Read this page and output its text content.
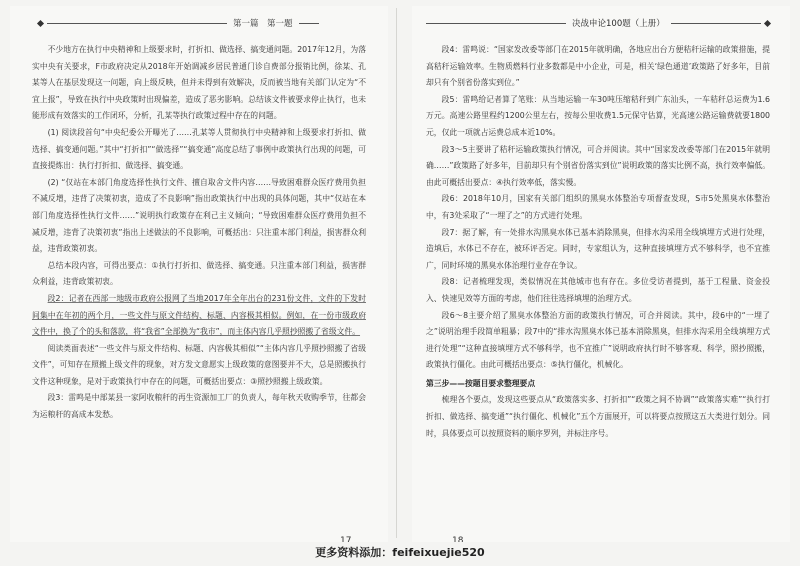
第一篇　第一题

不少地方在执行中央精神和上级要求时，打折扣、做选择、搞变通问题。2017年12月，为落实中央有关要求，F市政府决定从2018年开始调减乡居民普通门诊自费部分报销比例，徐某、孔某等人在基层发现这一问题，向上级反映，但并未得到有效解决，反而被当地有关部门认定为“不宜上报”，导致在执行中央政策时出现偏差，造成了恶劣影响。总结该文件被要求停止执行，也未能形成有效落实的工作闭环，分析，孔某等执行政策过程中存在的问题。

(1) 阅读段首句“中央纪委公开曝光了……孔某等人贯彻执行中央精神和上级要求打折扣、做选择、搞变通问题。”其中“打折扣”“做选择”“搞变通”高度总结了事例中政策执行出现的问题，可直接提炼出：执行打折扣、做选择、搞变通。

(2) “仅站在本部门角度选择性执行文件、擅自取舍文件内容……导致困难群众医疗费用负担不减反增，违背了决策初衷，造成了不良影响”指出政策执行中出现的具体问题，其中“仅站在本部门角度选择性执行文件……”说明执行政策存在利己主义倾向；“导致困难群众医疗费用负担不减反增，违背了决策初衷”指出上述做法的不良影响，可概括出：只注重本部门利益，损害群众利益，违背政策初衷。

总结本段内容，可得出要点：①执行打折扣、做选择、搞变通。只注重本部门利益，损害群众利益，违背政策初衷。

段2：记者在西部一地级市政府公报网了当地2017年全年出台的231份文件，文件的下发时间集中在年初的两个月，一些文件与原文件结构、标题、内容极其相似。例如，在一份市级政府文件中，换了个的头和落款，将“我省”全部换为“我市”，而主体内容几乎照抄照搬了省级文件。

阅读类面表述“一些文件与原文件结构、标题、内容极其相似”“主体内容几乎照抄照搬了省级文件”，可知存在照搬上级文件的现象，对方发文意愿实上级政策的意图要并不大，总是照搬执行文件这种现象，是对于政策执行中存在的问题，可概括出要点：③照抄照搬上级政策。

段3：雷鸣是中部某县一家阿收粮秆的再生资源加工厂的负责人，每年秋天收购季节，往都会为运粮秆的高成本发愁。

17
决战申论100题（上册）

段4：雷鸣说：“国家发改委等部门在2015年就明确，各地应出台方便秸秆运输的政策措施，提高秸秆运输效率。生物质燃料行业多数都是中小企业，可是，相关‘绿色通道’政策路了好多年，目前却只有个别省份落实到位。”

段5：雷鸣给记者算了笔账：从当地运输一车30吨压缩秸秆到广东汕头，一车秸秆总运费为1.6万元。高速公路里程约1200公里左右，按每公里收费1.5元保守估算，光高速公路运输费就要1800元，仅此一项就占运费总成本近10%。

段3～5主要讲了秸秆运输政策执行情况，可合并阅读。其中“国家发改委等部门在2015年就明确……”政策路了好多年，目前却只有个别省份落实到位”说明政策的落实比例不高，执行效率偏低。由此可概括出要点：④执行效率低，落实慢。

段6：2018年10月，国家有关部门组织的黑臭水体整治专项督查发现，S市5处黑臭水体整治中，有3处采取了“一埋了之”的方式进行处理。

段7：据了解，有一处排水沟黑臭水体已基本消除黑臭，但排水沟采用全线填埋方式进行处理，造填后，水体已不存在，被环评否定。同时，专家组认为，这种直接填埋方式不够科学，也不宜推广，同时环境的黑臭水体治理行业存在争议。

段8：记者梳理发现，类似情况在其他城市也有存在。多位受访者提到，基于工程量、资金投入、快速见效等方面的考虑，他们往往选择填埋的治理方式。

段6～8主要介绍了黑臭水体整治方面的政策执行情况，可合并阅读。其中，段6中的“一埋了之”说明治理手段简单粗暴；段7中的“排水沟黑臭水体已基本消除黑臭，但排水沟采用全线填埋方式进行处理”“这种直接填埋方式不够科学，也不宜推广”说明政府执行时不够客观、科学，照抄照搬，政策执行僵化。由此可概括出要点：⑤执行僵化，机械化。

第三步——按题目要求整理要点

梳理各个要点，发现这些要点从“政策落实多、打折扣”“政策之间不协调”“政策落实难”“执行打折扣、做选择、搞变通”“执行僵化、机械化”五个方面展开，可以将要点按照这五大类进行划分。同时，具体要点可以按照资料的顺序罗列，并标注序号。

18
更多资料添加：feifeixuejie520
